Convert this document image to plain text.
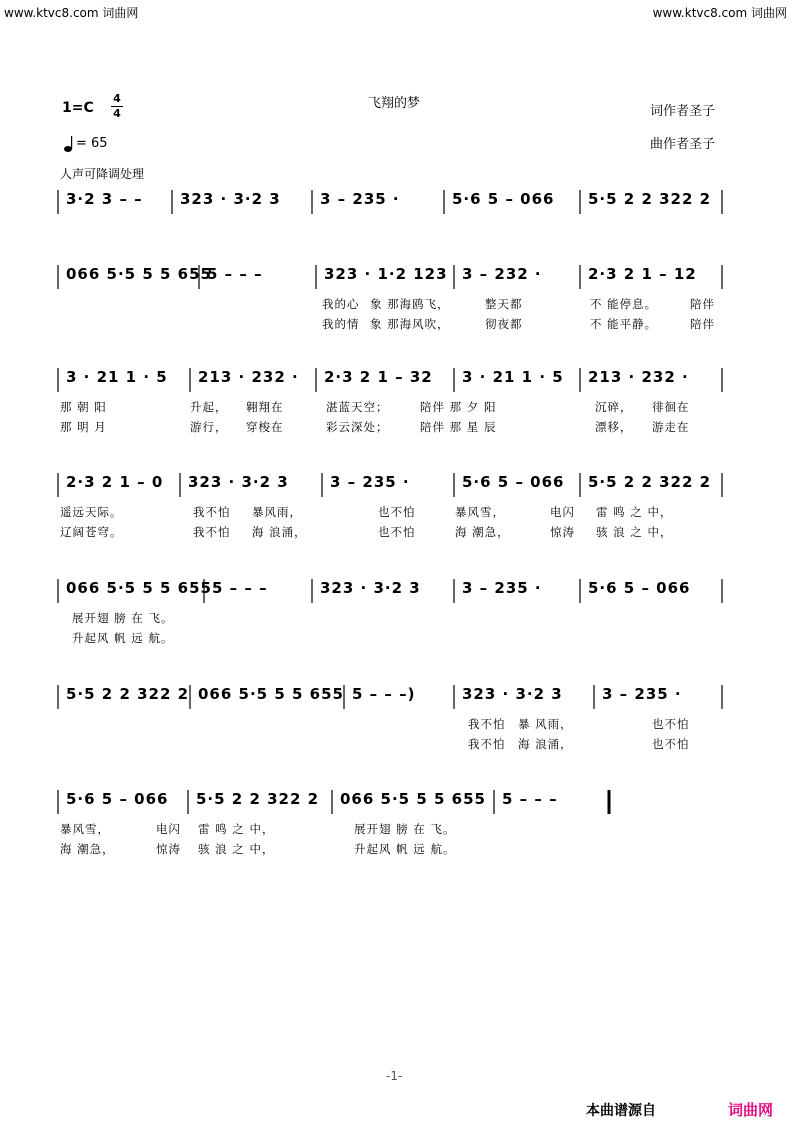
www.ktvc8.com 词曲网	www.ktvc8.com 词曲网
1=C
4
4
= 65
飞翔的梦
词作者圣子
曲作者圣子
人声可降调处理
3·2 3 – – 323 · 3·2 3	3 – 235 ·	5·6 5 – 066 5·5 2 2 322 2
066 5·5 5 5 655
5 – – –	323 · 1·2 123 3 – 232 ·	2·3 2 1 – 12
我的心 象 那海鸥飞，	整天都	不 能停息。	陪伴
我的情 象 那海风吹，	彻夜都	不 能平静。	陪伴
3 · 21 1 · 5 213 · 232 · 2·3 2 1 – 32 3 · 21 1 · 5 213 · 232 ·
那 朝 阳	升起， 翱翔在	湛蓝天空；	陪伴 那 夕 阳	沉碎， 徘徊在
那 明 月	游行， 穿梭在	彩云深处；	陪伴 那 星 辰	漂移， 游走在
2·3 2 1 – 0 323 · 3·2 3	3 – 235 ·	5·6 5 – 066 5·5 2 2 322 2
遥远天际。	我不怕 暴风雨，	也不怕	暴风雪，	电闪 雷 鸣 之 中，
辽阔苍穹。	我不怕 海 浪涌，	也不怕	海 潮急，	惊涛 骇 浪 之 中，
066 5·5 5 5 655 5 – – –	323 · 3·2 3	3 – 235 ·	5·6 5 – 066
展开翅 膀 在 飞。
升起风 帆 远 航。
5·5 2 2 322 2 066 5·5 5 5 655 5 – – –)	323 · 3·2 3	3 – 235 ·
我不怕 暴 风雨，	也不怕
我不怕 海 浪涌，	也不怕
5·6 5 – 066 5·5 2 2 322 2 066 5·5 5 5 655 5 – – –
暴风雪，	电闪 雷 鸣 之 中，	展开翅 膀 在 飞。
海 潮急，	惊涛 骇 浪 之 中，	升起风 帆 远 航。
-1-
本曲谱源自	词曲网
